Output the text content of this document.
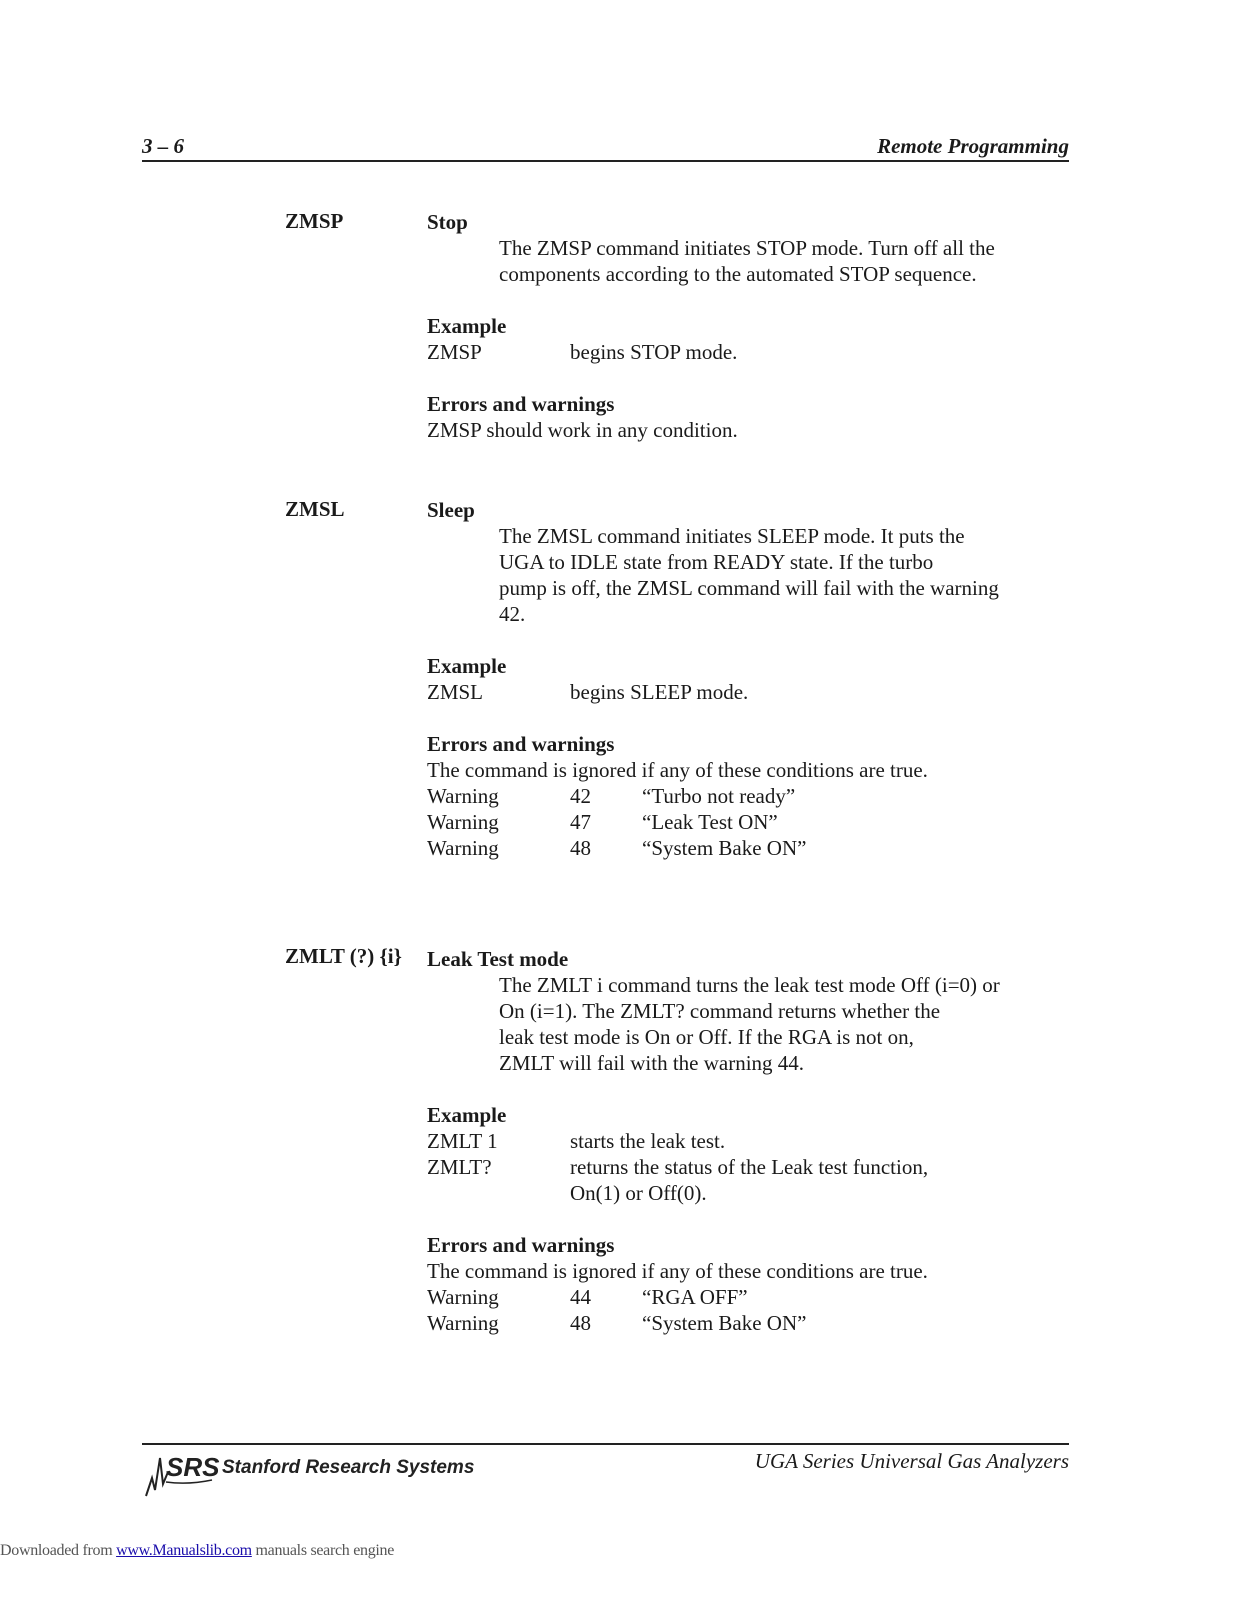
3 – 6	Remote Programming
ZMSP	Stop
The ZMSP command initiates STOP mode. Turn off all the
components according to the automated STOP sequence.
Example
ZMSP	begins STOP mode.
Errors and warnings
ZMSP should work in any condition.
ZMSL	Sleep
The ZMSL command initiates SLEEP mode. It puts the
UGA to IDLE state from READY state. If the turbo
pump is off, the ZMSL command will fail with the warning
42.
Example
ZMSL	begins SLEEP mode.
Errors and warnings
The command is ignored if any of these conditions are true.
Warning	42 “Turbo not ready”
Warning	47 “Leak Test ON”
Warning	48 “System Bake ON”
ZMLT (?) {i} Leak Test mode
The ZMLT i command turns the leak test mode Off (i=0) or
On (i=1). The ZMLT? command returns whether the
leak test mode is On or Off. If the RGA is not on,
ZMLT will fail with the warning 44.
Example
ZMLT 1	starts the leak test.
ZMLT?	returns the status of the Leak test function,
On(1) or Off(0).
Errors and warnings
The command is ignored if any of these conditions are true.
Warning	44 “RGA OFF”
Warning	48 “System Bake ON”
SRS Stanford Research Systems	UGA Series Universal Gas Analyzers
Downloaded from www.Manualslib.com manuals search engine
